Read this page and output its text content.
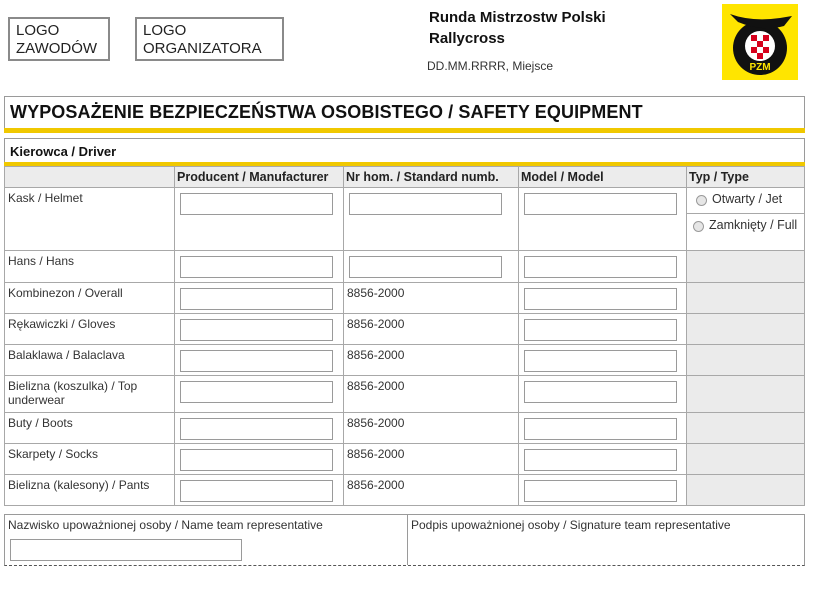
LOGO ZAWODÓW
LOGO ORGANIZATORA
Runda Mistrzostw Polski
Rallycross
DD.MM.RRRR, Miejsce	PZM
WYPOSAŻENIE BEZPIECZEŃSTWA OSOBISTEGO / SAFETY EQUIPMENT
Kierowca / Driver
	Producent / Manufacturer	Nr hom. / Standard numb.	Model / Model	Typ / Type
Kask / Helmet				Otwarty / Jet
Zamknięty / Full

Hans / Hans	

Kombinezon / Overall		8856-2000	

Rękawiczki / Gloves		8856-2000	

Balaklawa / Balaclava		8856-2000	

Bielizna (koszulka) / Top underwear		8856-2000	

Buty / Boots		8856-2000	

Skarpety / Socks		8856-2000	

Bielizna (kalesony) / Pants		8856-2000	

Nazwisko upoważnionej osoby / Name team representative	Podpis upoważnionej osoby / Signature team representative
